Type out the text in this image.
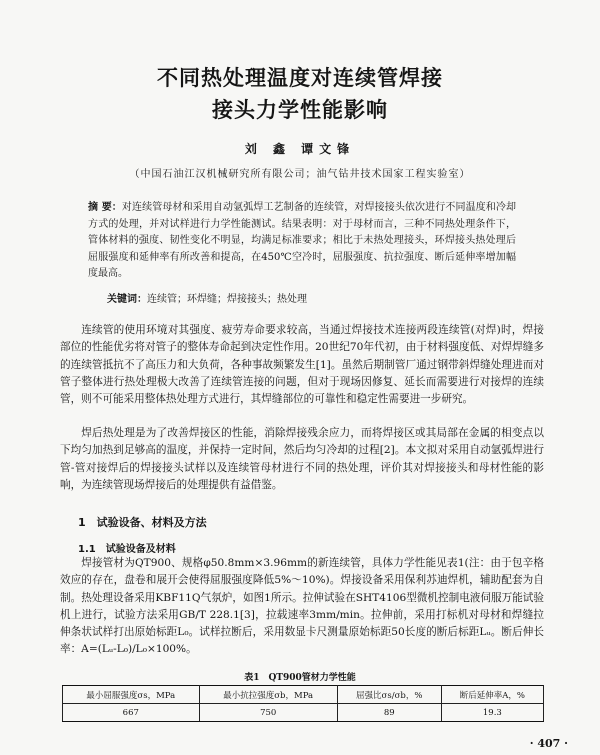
不同热处理温度对连续管焊接
接头力学性能影响
刘 鑫 谭文锋
（中国石油江汉机械研究所有限公司；油气钻井技术国家工程实验室）
摘 要：对连续管母材和采用自动氩弧焊工艺制备的连续管，对焊接接头依次进行不同温度和冷却方式的处理，并对试样进行力学性能测试。结果表明：对于母材而言，三种不同热处理条件下，管体材料的强度、韧性变化不明显，均满足标准要求；相比于未热处理接头，环焊接头热处理后屈服强度和延伸率有所改善和提高，在450℃空冷时，屈服强度、抗拉强度、断后延伸率增加幅度最高。
关键词：连续管；环焊缝；焊接接头；热处理

连续管的使用环境对其强度、疲劳寿命要求较高，当通过焊接技术连接两段连续管(对焊)时，焊接部位的性能优劣将对管子的整体寿命起到决定性作用。20世纪70年代初，由于材料强度低、对焊焊缝多的连续管抵抗不了高压力和大负荷，各种事故频繁发生[1]。虽然后期制管厂通过钢带斜焊缝处理进而对管子整体进行热处理极大改善了连续管连接的问题，但对于现场因修复、延长而需要进行对接焊的连续管，则不可能采用整体热处理方式进行，其焊缝部位的可靠性和稳定性需要进一步研究。

焊后热处理是为了改善焊接区的性能，消除焊接残余应力，而将焊接区或其局部在金属的相变点以下均匀加热到足够高的温度，并保持一定时间，然后均匀冷却的过程[2]。本文拟对采用自动氩弧焊进行管-管对接焊后的焊接接头试样以及连续管母材进行不同的热处理，评价其对焊接接头和母材性能的影响，为连续管现场焊接后的处理提供有益借鉴。

1　试验设备、材料及方法
1.1　试验设备及材料

焊接管材为QT900、规格φ50.8mm×3.96mm的新连续管，具体力学性能见表1(注：由于包辛格效应的存在，盘卷和展开会使得屈服强度降低5%～10%)。焊接设备采用保利苏迪焊机，辅助配套为自制。热处理设备采用KBF11Q气氛炉，如图1所示。拉伸试验在SHT4106型微机控制电液伺服万能试验机上进行，试验方法采用GB/T 228.1[3]，拉载速率3mm/min。拉伸前，采用打标机对母材和焊缝拉伸条状试样打出原始标距L₀。试样拉断后，采用数显卡尺测量原始标距50长度的断后标距Lᵤ。断后伸长率：A=(Lᵤ-L₀)/L₀×100%。

表1　QT900管材力学性能
最小屈服强度σs，MPa	最小抗拉强度σb，MPa	屈强比σs/σb，%	断后延伸率A，%
667	750	89	19.3
· 407 ·
